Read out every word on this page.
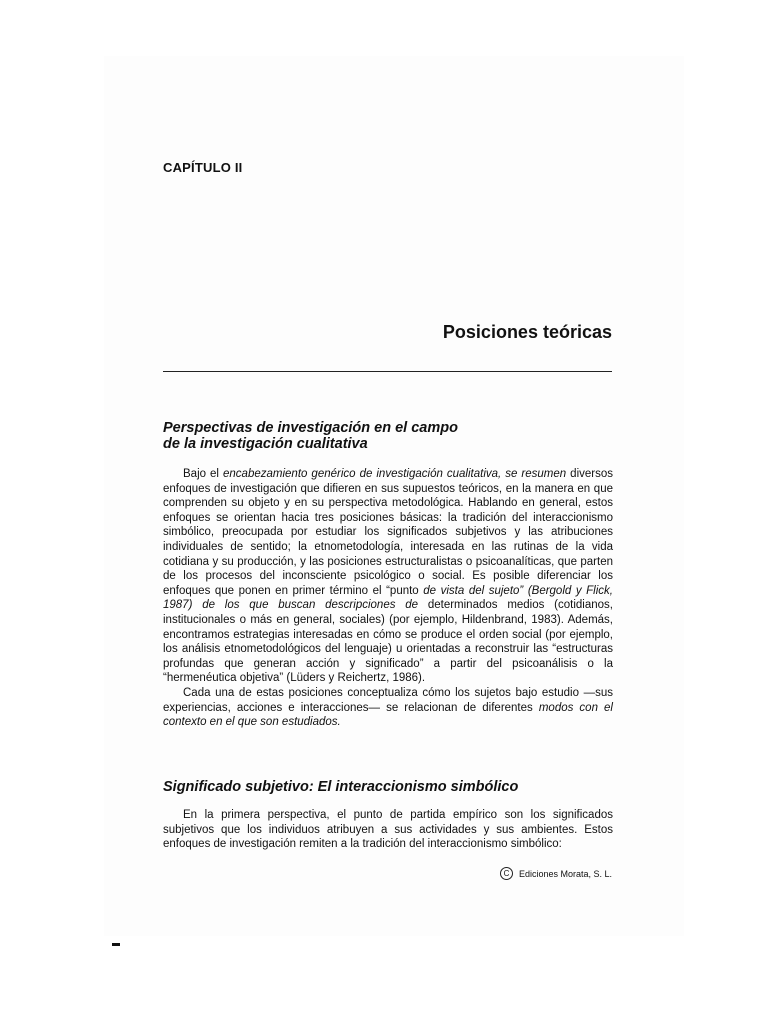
CAPÍTULO II
Posiciones teóricas
Perspectivas de investigación en el campo
de la investigación cualitativa

Bajo el encabezamiento genérico de investigación cualitativa, se resumen diversos enfoques de investigación que difieren en sus supuestos teóricos, en la manera en que comprenden su objeto y en su perspectiva metodológica. Hablando en general, estos enfoques se orientan hacia tres posiciones básicas: la tradición del interaccionismo simbólico, preocupada por estudiar los significados subjetivos y las atribuciones individuales de sentido; la etnometodología, interesada en las rutinas de la vida cotidiana y su producción, y las posiciones estructuralistas o psicoanalíticas, que parten de los procesos del inconsciente psicológico o social. Es posible diferenciar los enfoques que ponen en primer término el “punto de vista del sujeto” (Bergold y Flick, 1987) de los que buscan descripciones de determinados medios (cotidianos, institucionales o más en general, sociales) (por ejemplo, Hildenbrand, 1983). Además, encontramos estrategias interesadas en cómo se produce el orden social (por ejemplo, los análisis etnometodológicos del lenguaje) u orientadas a reconstruir las “estructuras profundas que generan acción y significado” a partir del psicoanálisis o la “hermenéutica objetiva” (Lüders y Reichertz, 1986).

Cada una de estas posiciones conceptualiza cómo los sujetos bajo estudio —sus experiencias, acciones e interacciones— se relacionan de diferentes modos con el contexto en el que son estudiados.

Significado subjetivo: El interaccionismo simbólico

En la primera perspectiva, el punto de partida empírico son los significados subjetivos que los individuos atribuyen a sus actividades y sus ambientes. Estos enfoques de investigación remiten a la tradición del interaccionismo simbólico:

C	Ediciones Morata, S. L.
